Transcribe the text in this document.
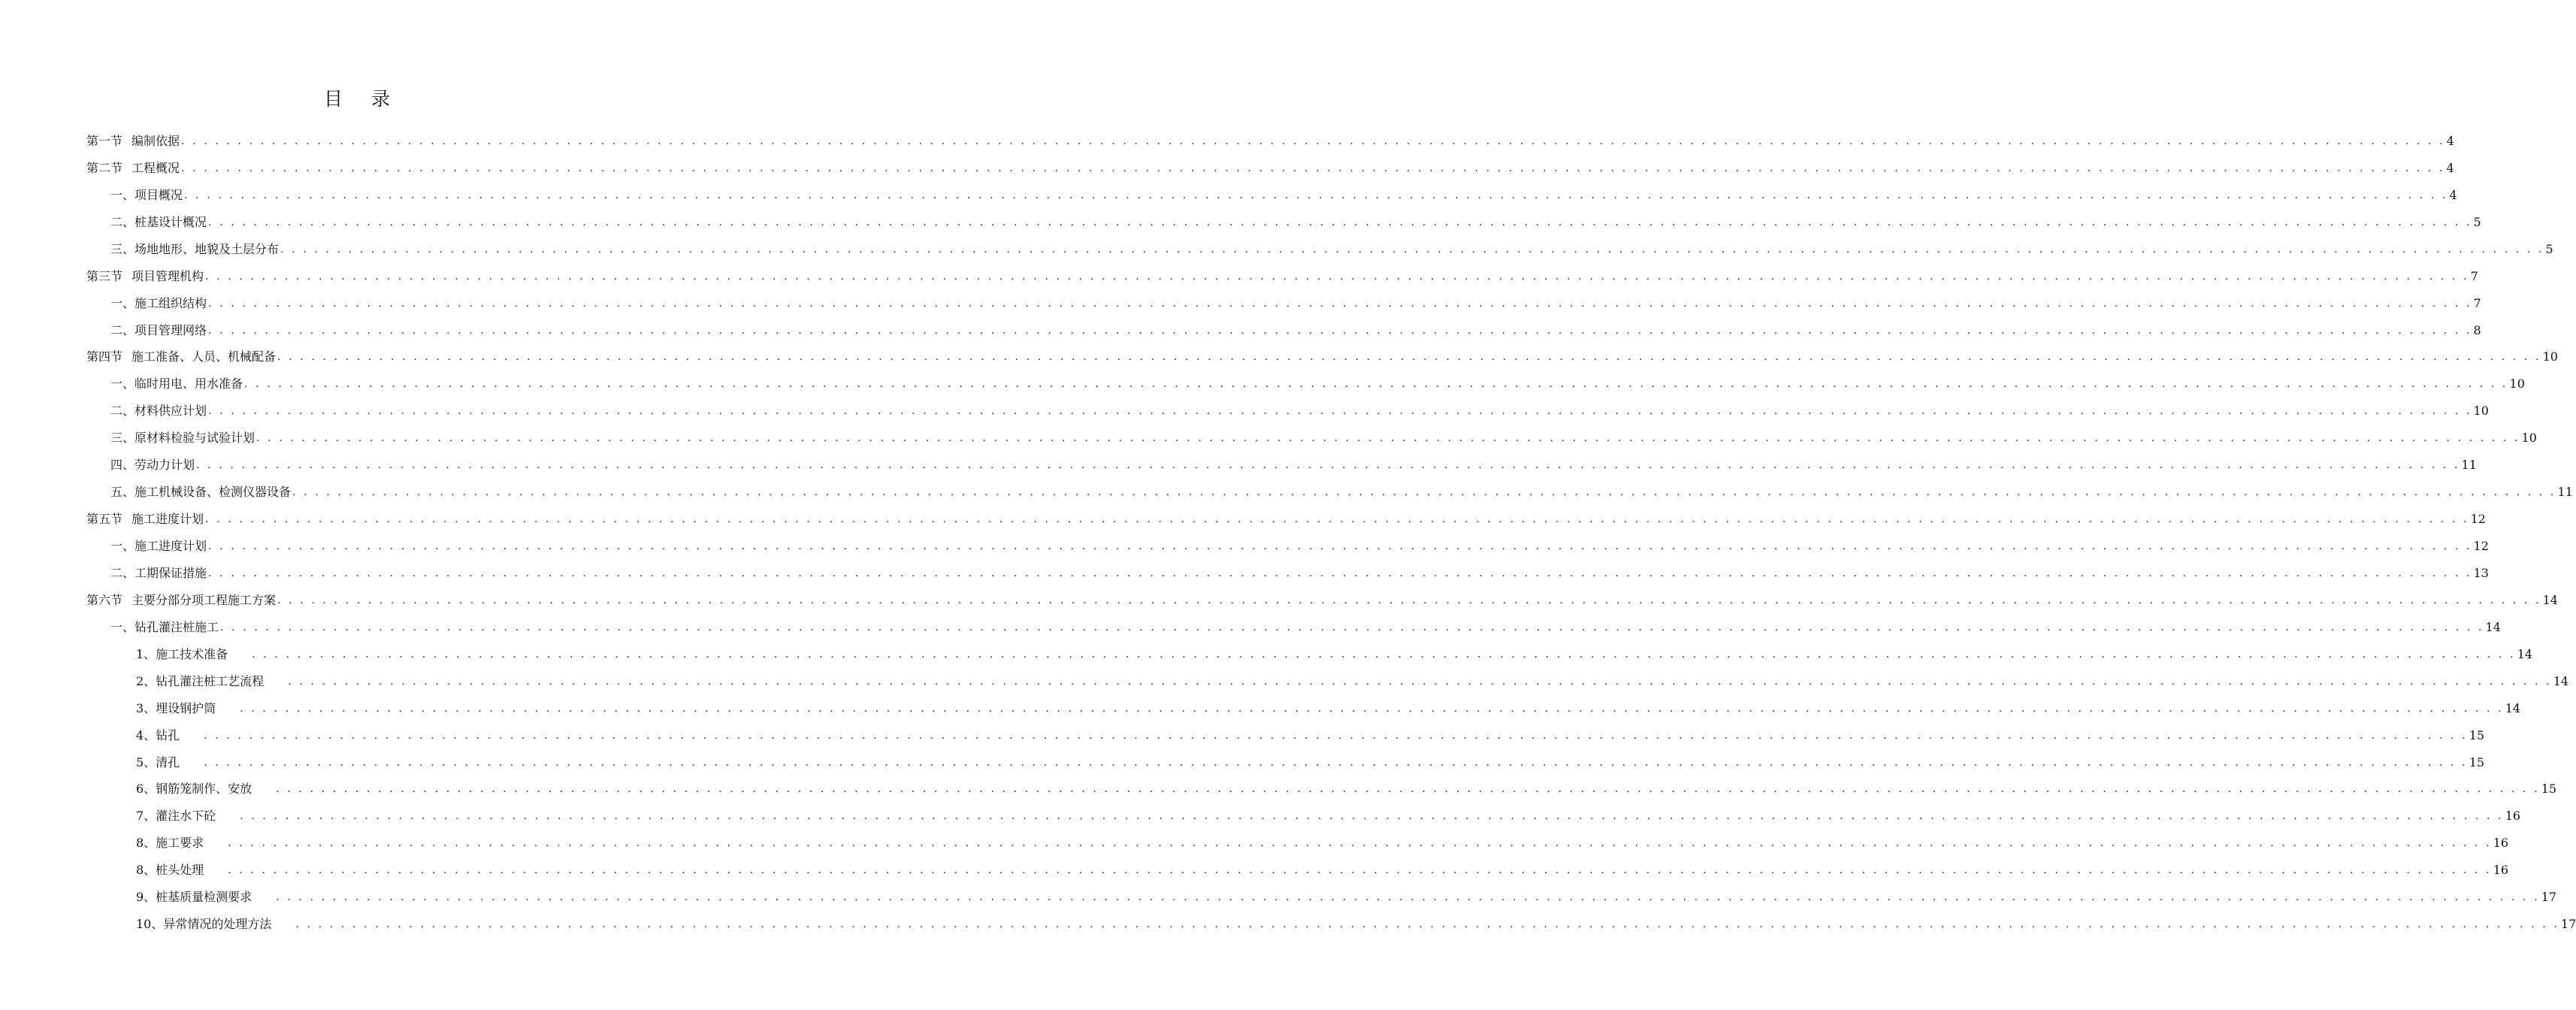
目 录
第一节 编制依据 . . . . . . . . . . . . . . . . . . . . . . . . . . . . . . . . . . . . . . . . . . . . . . . . . . . . . . . . . . . . . . . . . . . . . . . . . . . . . . . . . . . . . . . . . . . . . . . . . . . . . . . . . . . . . . . . . . . . . . . . . . . . . . . . . . . . . . . . . . . . . . . . . . . . . . . . . . . . . . . . . . . . . . . . . . . . . . . . . . . . . . . . . . . . . . . . . . . . . . . . 4
第二节 工程概况 . . . . . . . . . . . . . . . . . . . . . . . . . . . . . . . . . . . . . . . . . . . . . . . . . . . . . . . . . . . . . . . . . . . . . . . . . . . . . . . . . . . . . . . . . . . . . . . . . . . . . . . . . . . . . . . . . . . . . . . . . . . . . . . . . . . . . . . . . . . . . . . . . . . . . . . . . . . . . . . . . . . . . . . . . . . . . . . . . . . . . . . . . . . . . . . . . . . . . . . . 4
一、项目概况 . . . . . . . . . . . . . . . . . . . . . . . . . . . . . . . . . . . . . . . . . . . . . . . . . . . . . . . . . . . . . . . . . . . . . . . . . . . . . . . . . . . . . . . . . . . . . . . . . . . . . . . . . . . . . . . . . . . . . . . . . . . . . . . . . . . . . . . . . . . . . . . . . . . . . . . . . . . . . . . . . . . . . . . . . . . . . . . . . . . . . . . . . . . . . . . . . . . . . . . . 4
二、桩基设计概况 . . . . . . . . . . . . . . . . . . . . . . . . . . . . . . . . . . . . . . . . . . . . . . . . . . . . . . . . . . . . . . . . . . . . . . . . . . . . . . . . . . . . . . . . . . . . . . . . . . . . . . . . . . . . . . . . . . . . . . . . . . . . . . . . . . . . . . . . . . . . . . . . . . . . . . . . . . . . . . . . . . . . . . . . . . . . . . . . . . . . . . . . . . . . . . . . . . . . . . . . 5
三、场地地形、地貌及土层分布 . . . . . . . . . . . . . . . . . . . . . . . . . . . . . . . . . . . . . . . . . . . . . . . . . . . . . . . . . . . . . . . . . . . . . . . . . . . . . . . . . . . . . . . . . . . . . . . . . . . . . . . . . . . . . . . . . . . . . . . . . . . . . . . . . . . . . . . . . . . . . . . . . . . . . . . . . . . . . . . . . . . . . . . . . . . . . . . . . . . . . . . . . . . . . . . . . . . . . . . . 5
第三节 项目管理机构 . . . . . . . . . . . . . . . . . . . . . . . . . . . . . . . . . . . . . . . . . . . . . . . . . . . . . . . . . . . . . . . . . . . . . . . . . . . . . . . . . . . . . . . . . . . . . . . . . . . . . . . . . . . . . . . . . . . . . . . . . . . . . . . . . . . . . . . . . . . . . . . . . . . . . . . . . . . . . . . . . . . . . . . . . . . . . . . . . . . . . . . . . . . . . . . . . . . . . . . . 7
一、施工组织结构 . . . . . . . . . . . . . . . . . . . . . . . . . . . . . . . . . . . . . . . . . . . . . . . . . . . . . . . . . . . . . . . . . . . . . . . . . . . . . . . . . . . . . . . . . . . . . . . . . . . . . . . . . . . . . . . . . . . . . . . . . . . . . . . . . . . . . . . . . . . . . . . . . . . . . . . . . . . . . . . . . . . . . . . . . . . . . . . . . . . . . . . . . . . . . . . . . . . . . . . . 7
二、项目管理网络 . . . . . . . . . . . . . . . . . . . . . . . . . . . . . . . . . . . . . . . . . . . . . . . . . . . . . . . . . . . . . . . . . . . . . . . . . . . . . . . . . . . . . . . . . . . . . . . . . . . . . . . . . . . . . . . . . . . . . . . . . . . . . . . . . . . . . . . . . . . . . . . . . . . . . . . . . . . . . . . . . . . . . . . . . . . . . . . . . . . . . . . . . . . . . . . . . . . . . . . . 8
第四节 施工准备、人员、机械配备 . . . . . . . . . . . . . . . . . . . . . . . . . . . . . . . . . . . . . . . . . . . . . . . . . . . . . . . . . . . . . . . . . . . . . . . . . . . . . . . . . . . . . . . . . . . . . . . . . . . . . . . . . . . . . . . . . . . . . . . . . . . . . . . . . . . . . . . . . . . . . . . . . . . . . . . . . . . . . . . . . . . . . . . . . . . . . . . . . . . . . . . . . . . . . . . . . . . . . . . . 10
一、临时用电、用水准备 . . . . . . . . . . . . . . . . . . . . . . . . . . . . . . . . . . . . . . . . . . . . . . . . . . . . . . . . . . . . . . . . . . . . . . . . . . . . . . . . . . . . . . . . . . . . . . . . . . . . . . . . . . . . . . . . . . . . . . . . . . . . . . . . . . . . . . . . . . . . . . . . . . . . . . . . . . . . . . . . . . . . . . . . . . . . . . . . . . . . . . . . . . . . . . . . . . . . . . . . 10
二、材料供应计划 . . . . . . . . . . . . . . . . . . . . . . . . . . . . . . . . . . . . . . . . . . . . . . . . . . . . . . . . . . . . . . . . . . . . . . . . . . . . . . . . . . . . . . . . . . . . . . . . . . . . . . . . . . . . . . . . . . . . . . . . . . . . . . . . . . . . . . . . . . . . . . . . . . . . . . . . . . . . . . . . . . . . . . . . . . . . . . . . . . . . . . . . . . . . . . . . . . . . . . . . 10
三、原材料检验与试验计划 . . . . . . . . . . . . . . . . . . . . . . . . . . . . . . . . . . . . . . . . . . . . . . . . . . . . . . . . . . . . . . . . . . . . . . . . . . . . . . . . . . . . . . . . . . . . . . . . . . . . . . . . . . . . . . . . . . . . . . . . . . . . . . . . . . . . . . . . . . . . . . . . . . . . . . . . . . . . . . . . . . . . . . . . . . . . . . . . . . . . . . . . . . . . . . . . . . . . . . . . 10
四、劳动力计划 . . . . . . . . . . . . . . . . . . . . . . . . . . . . . . . . . . . . . . . . . . . . . . . . . . . . . . . . . . . . . . . . . . . . . . . . . . . . . . . . . . . . . . . . . . . . . . . . . . . . . . . . . . . . . . . . . . . . . . . . . . . . . . . . . . . . . . . . . . . . . . . . . . . . . . . . . . . . . . . . . . . . . . . . . . . . . . . . . . . . . . . . . . . . . . . . . . . . . . . . 11
五、施工机械设备、检测仪器设备 . . . . . . . . . . . . . . . . . . . . . . . . . . . . . . . . . . . . . . . . . . . . . . . . . . . . . . . . . . . . . . . . . . . . . . . . . . . . . . . . . . . . . . . . . . . . . . . . . . . . . . . . . . . . . . . . . . . . . . . . . . . . . . . . . . . . . . . . . . . . . . . . . . . . . . . . . . . . . . . . . . . . . . . . . . . . . . . . . . . . . . . . . . . . . . . . . . . . . . . . 11
第五节 施工进度计划 . . . . . . . . . . . . . . . . . . . . . . . . . . . . . . . . . . . . . . . . . . . . . . . . . . . . . . . . . . . . . . . . . . . . . . . . . . . . . . . . . . . . . . . . . . . . . . . . . . . . . . . . . . . . . . . . . . . . . . . . . . . . . . . . . . . . . . . . . . . . . . . . . . . . . . . . . . . . . . . . . . . . . . . . . . . . . . . . . . . . . . . . . . . . . . . . . . . . . . . . 12
一、施工进度计划 . . . . . . . . . . . . . . . . . . . . . . . . . . . . . . . . . . . . . . . . . . . . . . . . . . . . . . . . . . . . . . . . . . . . . . . . . . . . . . . . . . . . . . . . . . . . . . . . . . . . . . . . . . . . . . . . . . . . . . . . . . . . . . . . . . . . . . . . . . . . . . . . . . . . . . . . . . . . . . . . . . . . . . . . . . . . . . . . . . . . . . . . . . . . . . . . . . . . . . . . 12
二、工期保证措施 . . . . . . . . . . . . . . . . . . . . . . . . . . . . . . . . . . . . . . . . . . . . . . . . . . . . . . . . . . . . . . . . . . . . . . . . . . . . . . . . . . . . . . . . . . . . . . . . . . . . . . . . . . . . . . . . . . . . . . . . . . . . . . . . . . . . . . . . . . . . . . . . . . . . . . . . . . . . . . . . . . . . . . . . . . . . . . . . . . . . . . . . . . . . . . . . . . . . . . . . 13
第六节 主要分部分项工程施工方案 . . . . . . . . . . . . . . . . . . . . . . . . . . . . . . . . . . . . . . . . . . . . . . . . . . . . . . . . . . . . . . . . . . . . . . . . . . . . . . . . . . . . . . . . . . . . . . . . . . . . . . . . . . . . . . . . . . . . . . . . . . . . . . . . . . . . . . . . . . . . . . . . . . . . . . . . . . . . . . . . . . . . . . . . . . . . . . . . . . . . . . . . . . . . . . . . . . . . . . . . 14
一、钻孔灌注桩施工 . . . . . . . . . . . . . . . . . . . . . . . . . . . . . . . . . . . . . . . . . . . . . . . . . . . . . . . . . . . . . . . . . . . . . . . . . . . . . . . . . . . . . . . . . . . . . . . . . . . . . . . . . . . . . . . . . . . . . . . . . . . . . . . . . . . . . . . . . . . . . . . . . . . . . . . . . . . . . . . . . . . . . . . . . . . . . . . . . . . . . . . . . . . . . . . . . . . . . . . . 14
1、施工技术准备	. . . . . . . . . . . . . . . . . . . . . . . . . . . . . . . . . . . . . . . . . . . . . . . . . . . . . . . . . . . . . . . . . . . . . . . . . . . . . . . . . . . . . . . . . . . . . . . . . . . . . . . . . . . . . . . . . . . . . . . . . . . . . . . . . . . . . . . . . . . . . . . . . . . . . . . . . . . . . . . . . . . . . . . . . . . . . . . . . . . . . . . . . . . . . . . . . . . . . . . . 14
2、钻孔灌注桩工艺流程	. . . . . . . . . . . . . . . . . . . . . . . . . . . . . . . . . . . . . . . . . . . . . . . . . . . . . . . . . . . . . . . . . . . . . . . . . . . . . . . . . . . . . . . . . . . . . . . . . . . . . . . . . . . . . . . . . . . . . . . . . . . . . . . . . . . . . . . . . . . . . . . . . . . . . . . . . . . . . . . . . . . . . . . . . . . . . . . . . . . . . . . . . . . . . . . . . . . . . . . . 14
3、埋设钢护筒	. . . . . . . . . . . . . . . . . . . . . . . . . . . . . . . . . . . . . . . . . . . . . . . . . . . . . . . . . . . . . . . . . . . . . . . . . . . . . . . . . . . . . . . . . . . . . . . . . . . . . . . . . . . . . . . . . . . . . . . . . . . . . . . . . . . . . . . . . . . . . . . . . . . . . . . . . . . . . . . . . . . . . . . . . . . . . . . . . . . . . . . . . . . . . . . . . . . . . . . . 14
4、钻孔	. . . . . . . . . . . . . . . . . . . . . . . . . . . . . . . . . . . . . . . . . . . . . . . . . . . . . . . . . . . . . . . . . . . . . . . . . . . . . . . . . . . . . . . . . . . . . . . . . . . . . . . . . . . . . . . . . . . . . . . . . . . . . . . . . . . . . . . . . . . . . . . . . . . . . . . . . . . . . . . . . . . . . . . . . . . . . . . . . . . . . . . . . . . . . . . . . . . . . . . . 15
5、清孔	. . . . . . . . . . . . . . . . . . . . . . . . . . . . . . . . . . . . . . . . . . . . . . . . . . . . . . . . . . . . . . . . . . . . . . . . . . . . . . . . . . . . . . . . . . . . . . . . . . . . . . . . . . . . . . . . . . . . . . . . . . . . . . . . . . . . . . . . . . . . . . . . . . . . . . . . . . . . . . . . . . . . . . . . . . . . . . . . . . . . . . . . . . . . . . . . . . . . . . . . 15
6、钢筋笼制作、安放	. . . . . . . . . . . . . . . . . . . . . . . . . . . . . . . . . . . . . . . . . . . . . . . . . . . . . . . . . . . . . . . . . . . . . . . . . . . . . . . . . . . . . . . . . . . . . . . . . . . . . . . . . . . . . . . . . . . . . . . . . . . . . . . . . . . . . . . . . . . . . . . . . . . . . . . . . . . . . . . . . . . . . . . . . . . . . . . . . . . . . . . . . . . . . . . . . . . . . . . . 15
7、灌注水下砼	. . . . . . . . . . . . . . . . . . . . . . . . . . . . . . . . . . . . . . . . . . . . . . . . . . . . . . . . . . . . . . . . . . . . . . . . . . . . . . . . . . . . . . . . . . . . . . . . . . . . . . . . . . . . . . . . . . . . . . . . . . . . . . . . . . . . . . . . . . . . . . . . . . . . . . . . . . . . . . . . . . . . . . . . . . . . . . . . . . . . . . . . . . . . . . . . . . . . . . . . 16
8、施工要求	. . . . . . . . . . . . . . . . . . . . . . . . . . . . . . . . . . . . . . . . . . . . . . . . . . . . . . . . . . . . . . . . . . . . . . . . . . . . . . . . . . . . . . . . . . . . . . . . . . . . . . . . . . . . . . . . . . . . . . . . . . . . . . . . . . . . . . . . . . . . . . . . . . . . . . . . . . . . . . . . . . . . . . . . . . . . . . . . . . . . . . . . . . . . . . . . . . . . . . . . 16
8、桩头处理	. . . . . . . . . . . . . . . . . . . . . . . . . . . . . . . . . . . . . . . . . . . . . . . . . . . . . . . . . . . . . . . . . . . . . . . . . . . . . . . . . . . . . . . . . . . . . . . . . . . . . . . . . . . . . . . . . . . . . . . . . . . . . . . . . . . . . . . . . . . . . . . . . . . . . . . . . . . . . . . . . . . . . . . . . . . . . . . . . . . . . . . . . . . . . . . . . . . . . . . . 16
9、桩基质量检测要求	. . . . . . . . . . . . . . . . . . . . . . . . . . . . . . . . . . . . . . . . . . . . . . . . . . . . . . . . . . . . . . . . . . . . . . . . . . . . . . . . . . . . . . . . . . . . . . . . . . . . . . . . . . . . . . . . . . . . . . . . . . . . . . . . . . . . . . . . . . . . . . . . . . . . . . . . . . . . . . . . . . . . . . . . . . . . . . . . . . . . . . . . . . . . . . . . . . . . . . . . 17
10、异常情况的处理方法	. . . . . . . . . . . . . . . . . . . . . . . . . . . . . . . . . . . . . . . . . . . . . . . . . . . . . . . . . . . . . . . . . . . . . . . . . . . . . . . . . . . . . . . . . . . . . . . . . . . . . . . . . . . . . . . . . . . . . . . . . . . . . . . . . . . . . . . . . . . . . . . . . . . . . . . . . . . . . . . . . . . . . . . . . . . . . . . . . . . . . . . . . . . . . . . . . . . . . . . . 17
